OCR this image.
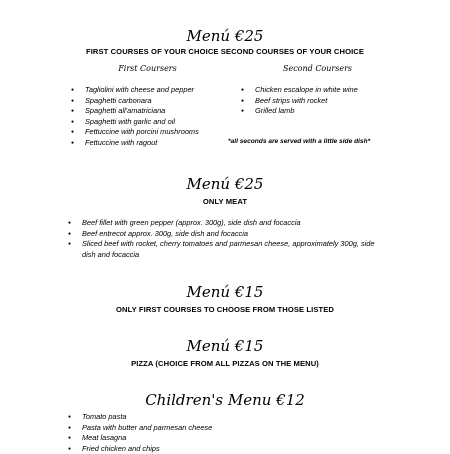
Menú €25
FIRST COURSES OF YOUR CHOICE SECOND COURSES OF YOUR CHOICE
First Coursers	Second Coursers
● Tagliolini with cheese and pepper
● Spaghetti carbonara
● Spaghetti all'amatriciana
● Spaghetti with garlic and oil
● Fettuccine with porcini mushrooms
● Fettuccine with ragout
● Chicken escalope in white wine
● Beef strips with rocket
● Grilled lamb
*all seconds are served with a little side dish*
Menú €25
ONLY MEAT
● Beef fillet with green pepper (approx. 300g), side dish and focaccia
● Beef entrecot approx. 300g, side dish and focaccia
● Sliced beef with rocket, cherry tomatoes and parmesan cheese, approximately 300g, side dish and focaccia
Menú €15
ONLY FIRST COURSES TO CHOOSE FROM THOSE LISTED
Menú €15
PIZZA (CHOICE FROM ALL PIZZAS ON THE MENU)
Children's Menu €12
● Tomato pasta
● Pasta with butter and parmesan cheese
● Meat lasagna
● Fried chicken and chips
